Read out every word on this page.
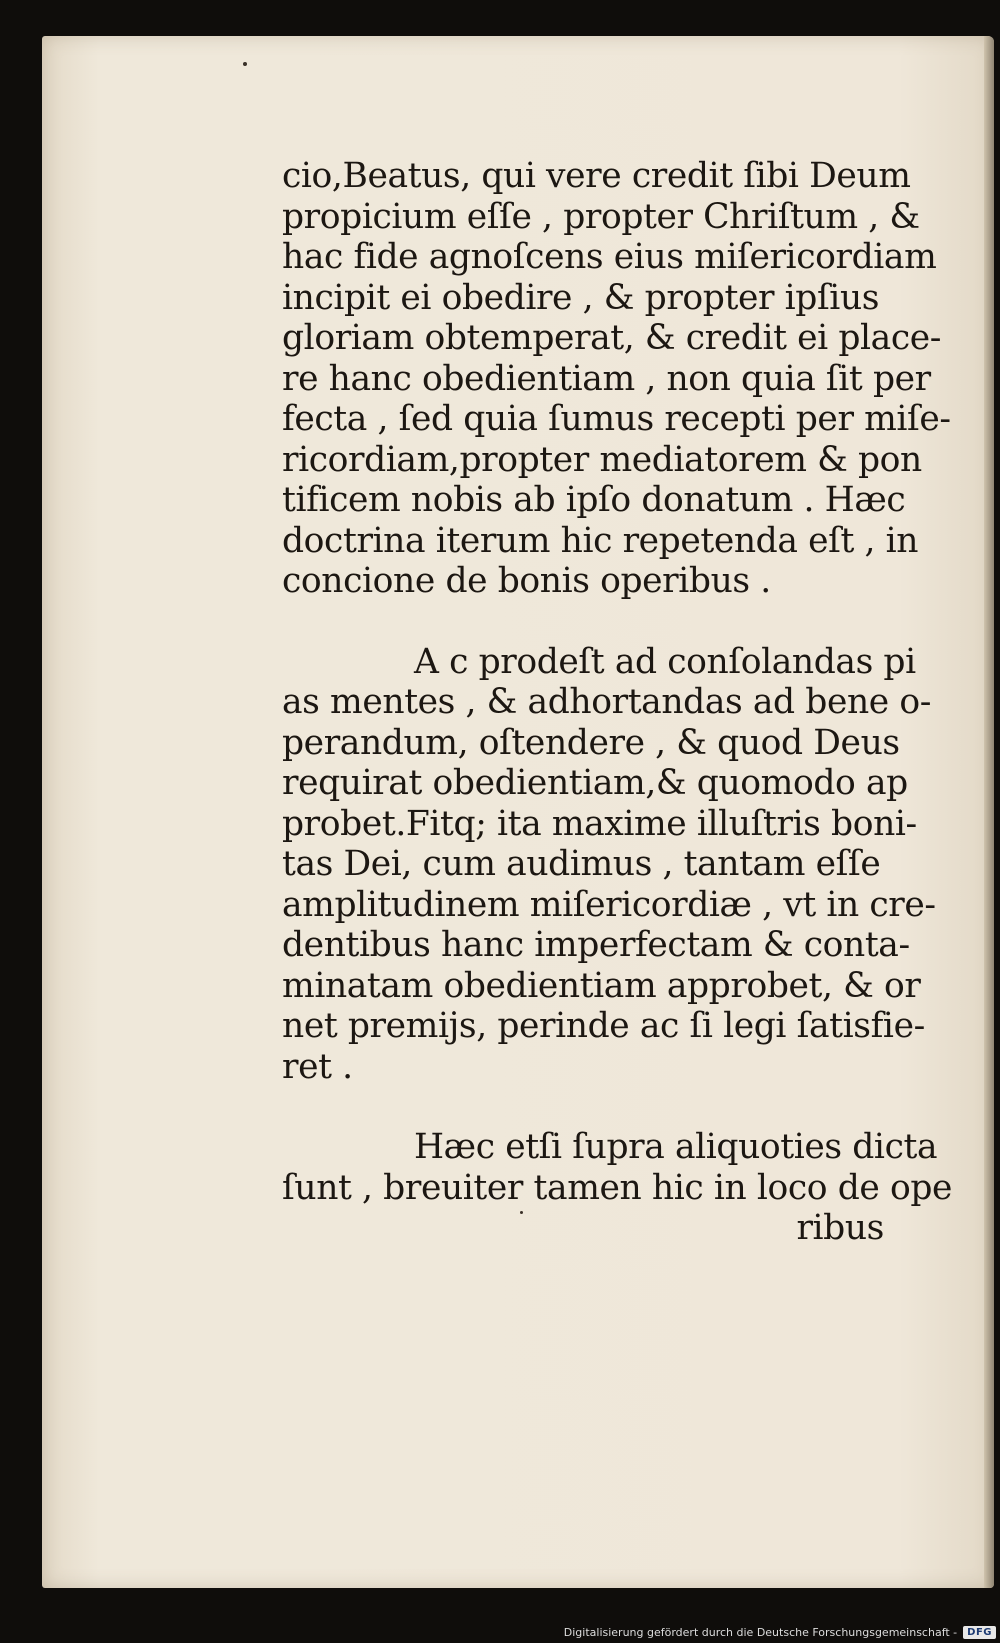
cio,Beatus, qui vere credit ſibi Deum
propicium eſſe , propter Chriſtum , &
hac fide agnoſcens eius miſericordiam
incipit ei obedire , & propter ipſius
gloriam obtemperat, & credit ei place-
re hanc obedientiam , non quia ſit per
fecta , ſed quia ſumus recepti per miſe-
ricordiam,propter mediatorem & pon
tificem nobis ab ipſo donatum . Hæc
doctrina iterum hic repetenda eſt , in
concione de bonis operibus .
A c prodeſt ad conſolandas pi
as mentes , & adhortandas ad bene o-
perandum, oſtendere , & quod Deus
requirat obedientiam,& quomodo ap
probet.Fitq; ita maxime illuſtris boni-
tas Dei, cum audimus , tantam eſſe
amplitudinem miſericordiæ , vt in cre-
dentibus hanc imperfectam & conta-
minatam obedientiam approbet, & or
net premijs, perinde ac ſi legi ſatisfie-
ret .
Hæc etſi ſupra aliquoties dicta
ſunt , breuiter tamen hic in loco de ope
ribus
Digitalisierung gefördert durch die Deutsche Forschungsgemeinschaft -	DFG
